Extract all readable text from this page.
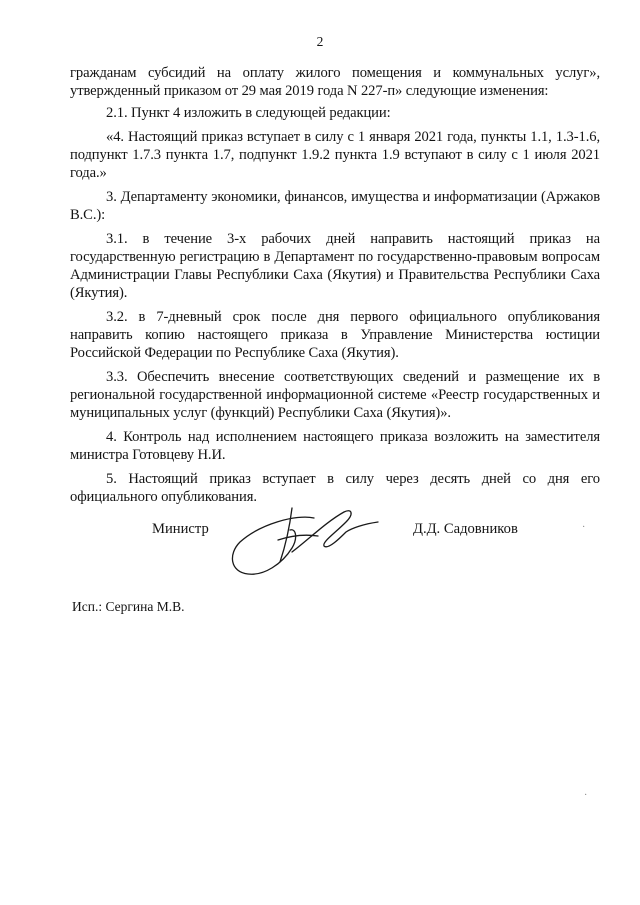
2

гражданам субсидий на оплату жилого помещения и коммунальных услуг», утвержденный приказом от 29 мая 2019 года N 227-п» следующие изменения:

2.1. Пункт 4 изложить в следующей редакции:

«4. Настоящий приказ вступает в силу с 1 января 2021 года, пункты 1.1, 1.3-1.6, подпункт 1.7.3 пункта 1.7, подпункт 1.9.2 пункта 1.9 вступают в силу с 1 июля 2021 года.»

3. Департаменту экономики, финансов, имущества и информатизации (Аржаков В.С.):

3.1. в течение 3-х рабочих дней направить настоящий приказ на государственную регистрацию в Департамент по государственно-правовым вопросам Администрации Главы Республики Саха (Якутия) и Правительства Республики Саха (Якутия).

3.2. в 7-дневный срок после дня первого официального опубликования направить копию настоящего приказа в Управление Министерства юстиции Российской Федерации по Республике Саха (Якутия).

3.3. Обеспечить внесение соответствующих сведений и размещение их в региональной государственной информационной системе «Реестр государственных и муниципальных услуг (функций) Республики Саха (Якутия)».

4. Контроль над исполнением настоящего приказа возложить на заместителя министра Готовцеву Н.И.

5. Настоящий приказ вступает в силу через десять дней со дня его официального опубликования.

Министр	Д.Д. Садовников	·
Исп.: Сергина М.В.
·
